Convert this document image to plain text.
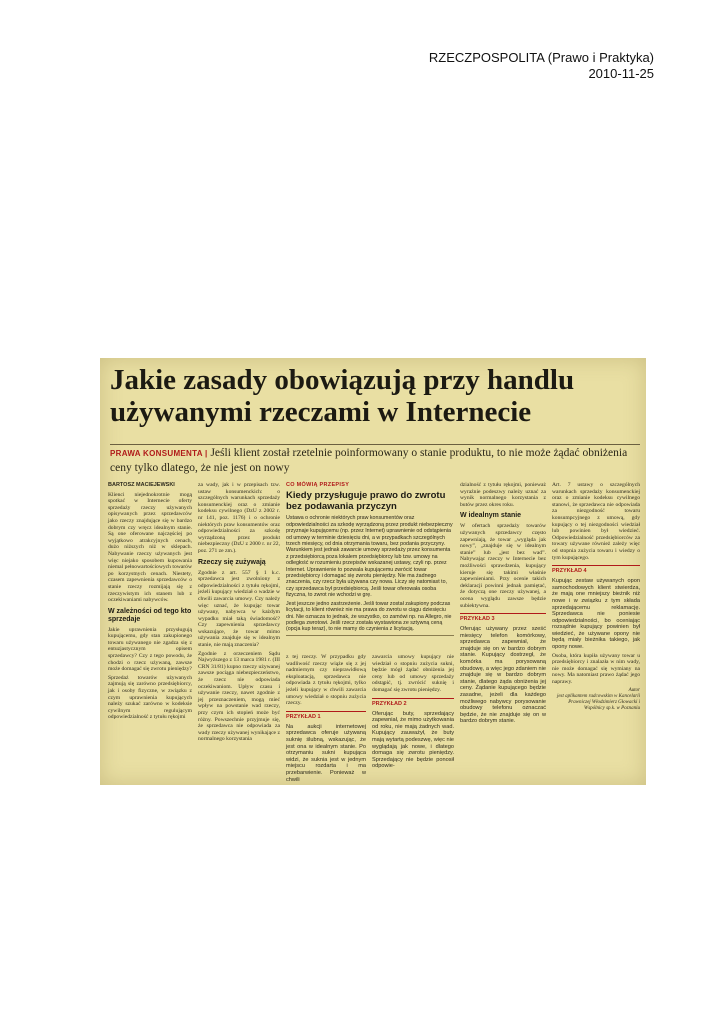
RZECZPOSPOLITA (Prawo i Praktyka)
2010-11-25
Jakie zasady obowiązują przy handlu używanymi rzeczami w Internecie

PRAWA KONSUMENTA | Jeśli klient został rzetelnie poinformowany o stanie produktu, to nie może żądać obniżenia ceny tylko dlatego, że nie jest on nowy

BARTOSZ MACIEJEWSKI

Klienci niejednokrotnie mogą spotkać w Internecie oferty sprzedaży rzeczy używanych opisywanych przez sprzedawców jako rzeczy znajdujące się w bardzo dobrym czy wręcz idealnym stanie. Są one oferowane najczęściej po wyjątkowo atrakcyjnych cenach, dużo niższych niż w sklepach. Nabywanie rzeczy używanych jest więc niejako sposobem kupowania niemal pełnowartościowych towarów po korzystnych cenach. Niestety, czasem zapewnienia sprzedawców o stanie rzeczy rozmijają się z rzeczywistym ich stanem lub z oczekiwaniami nabywców.

W zależności od tego kto sprzedaje

Jakie uprawnienia przysługują kupującemu, gdy stan zakupionego towaru używanego nie zgadza się z entuzjastycznym opisem sprzedawcy? Czy z tego powodu, że chodzi o rzecz używaną, zawsze może domagać się zwrotu pieniędzy?

Sprzedaż towarów używanych zajmują się zarówno przedsiębiorcy, jak i osoby fizyczne, w związku z czym uprawnienia kupujących należy szukać zarówno w kodeksie cywilnym regulującym odpowiedzialność z tytułu rękojmi

za wady, jak i w przepisach tzw. ustaw konsumenckich: o szczególnych warunkach sprzedaży konsumenckiej oraz o zmianie kodeksu cywilnego (DzU z 2002 r. nr 141, poz. 1176) i o ochronie niektórych praw konsumentów oraz odpowiedzialności za szkodę wyrządzoną przez produkt niebezpieczny (DzU z 2000 r. nr 22, poz. 271 ze zm.).

Rzeczy się zużywają

Zgodnie z art. 557 § 1 k.c. sprzedawca jest zwolniony z odpowiedzialności z tytułu rękojmi, jeżeli kupujący wiedział o wadzie w chwili zawarcia umowy. Czy należy więc uznać, że kupując towar używany, nabywca w każdym wypadku miał taką świadomość? Czy zapewnienia sprzedawcy wskazujące, że towar mimo używania znajduje się w idealnym stanie, nie mają znaczenia?

Zgodnie z orzeczeniem Sądu Najwyższego z 13 marca 1981 r. (III CRN 31/81) kupno rzeczy używanej zawsze pociąga niebezpieczeństwo, że rzecz nie odpowiada oczekiwaniom. Upływ czasu i używanie rzeczy, nawet zgodnie z jej przeznaczeniem, mogą mieć wpływ na powstanie wad rzeczy, przy czym ich stopień może być różny. Powszechnie przyjmuje się, że sprzedawca nie odpowiada za wady rzeczy używanej wynikające z normalnego korzystania

CO MÓWIĄ PRZEPISY
Kiedy przysługuje prawo do zwrotu bez podawania przyczyn
Ustawa o ochronie niektórych praw konsumentów oraz odpowiedzialności za szkodę wyrządzoną przez produkt niebezpieczny przyznaje kupującemu (np. przez Internet) uprawnienie od odstąpienia od umowy w terminie dziesięciu dni, a w przypadkach szczególnych trzech miesięcy, od dnia otrzymania towaru, bez podania przyczyny. Warunkiem jest jednak zawarcie umowy sprzedaży przez konsumenta z przedsiębiorcą poza lokalem przedsiębiorcy lub tzw. umowy na odległość w rozumieniu przepisów wskazanej ustawy, czyli np. przez Internet. Uprawnienie to pozwala kupującemu zwrócić towar przedsiębiorcy i domagać się zwrotu pieniędzy. Nie ma żadnego znaczenia, czy rzecz była używana czy nowa. Liczy się natomiast to, czy sprzedawca był przedsiębiorcą. Jeśli towar oferowała osoba fizyczna, to zwrot nie wchodzi w grę.
Jest jeszcze jedno zastrzeżenie. Jeśli towar został zakupiony podczas licytacji, to klient również nie ma prawa do zwrotu w ciągu dziesięciu dni. Nie oznacza to jednak, że wszystko, co zamówi np. na Allegro, nie podlega zwrotowi. Jeśli rzecz została wystawiona ze sztywną ceną (opcja kup teraz), to nie mamy do czynienia z licytacją.

z tej rzeczy. W przypadku gdy wadliwość rzeczy wiąże się z jej nadmiernym czy nieprawidłową eksploatacją, sprzedawca nie odpowiada z tytułu rękojmi, tylko jeżeli kupujący w chwili zawarcia umowy wiedział o stopniu zużycia rzeczy.

PRZYKŁAD 1

Na aukcji internetowej sprzedawca oferuje używaną suknię ślubną, wskazując, że jest ona w idealnym stanie. Po otrzymaniu sukni kupująca widzi, że suknia jest w jednym miejscu rozdarta i ma przebarwienie. Ponieważ w chwili

zawarcia umowy kupujący nie wiedział o stopniu zużycia sukni, będzie mógł żądać obniżenia jej ceny lub od umowy sprzedaży odstąpić, tj. zwrócić suknię i domagać się zwrotu pieniędzy.

PRZYKŁAD 2

Oferując buty, sprzedający zapewniał, że mimo użytkowania od roku, nie mają żadnych wad. Kupujący zauważył, że buty mają wytartą podeszwę, więc nie wyglądają jak nowe, i dlatego domaga się zwrotu pieniędzy. Sprzedający nie będzie ponosił odpowie-

dzialność z tytułu rękojmi, ponieważ wyraźnie podeszwy należy uznać za wynik normalnego korzystania z butów przez okres roku.

W idealnym stanie

W ofertach sprzedaży towarów używanych sprzedawcy często zapewniają, że towar „wygląda jak nowy”, „znajduje się w idealnym stanie” lub „jest bez wad”. Nabywając rzeczy w Internecie bez możliwości sprawdzenia, kupujący kieruje się takimi właśnie zapewnieniami. Przy ocenie takich deklaracji powinni jednak pamiętać, że dotyczą one rzeczy używanej, a ocena wyglądu zawsze będzie subiektywna.

PRZYKŁAD 3

Oferując używany przez sześć miesięcy telefon komórkowy, sprzedawca zapewniał, że znajduje się on w bardzo dobrym stanie. Kupujący dostrzegł, że komórka ma porysowaną obudowę, a więc jego zdaniem nie znajduje się w bardzo dobrym stanie, dlatego żąda obniżenia jej ceny. Żądanie kupującego będzie zasadne, jeżeli dla każdego możliwego nabywcy porysowanie obudowy telefonu oznaczać będzie, że nie znajduje się on w bardzo dobrym stanie.

Art. 7 ustawy o szczególnych warunkach sprzedaży konsumenckiej oraz o zmianie kodeksu cywilnego stanowi, że sprzedawca nie odpowiada za niezgodność towaru konsumpcyjnego z umową, gdy kupujący o tej niezgodności wiedział lub powinien był wiedzieć. Odpowiedzialność przedsiębiorców za towary używane również zależy więc od stopnia zużycia towaru i wiedzy o tym kupującego.

PRZYKŁAD 4

Kupując zestaw używanych opon samochodowych klient stwierdza, że mają one mniejszy bieżnik niż nowe i w związku z tym składa sprzedającemu reklamację. Sprzedawca nie poniesie odpowiedzialności, bo oceniając rozsądnie kupujący powinien był wiedzieć, że używane opony nie będą miały bieżnika takiego, jak opony nowe.

Osoba, która kupiła używany towar u przedsiębiorcy i znalazła w nim wady, nie może domagać się wymiany na nowy. Ma natomiast prawo żądać jego naprawy.

Autor
jest aplikantem radcowskim w Kancelarii Prawniczej Włodzimierz Głowacki i Wspólnicy sp.k. w Poznaniu
